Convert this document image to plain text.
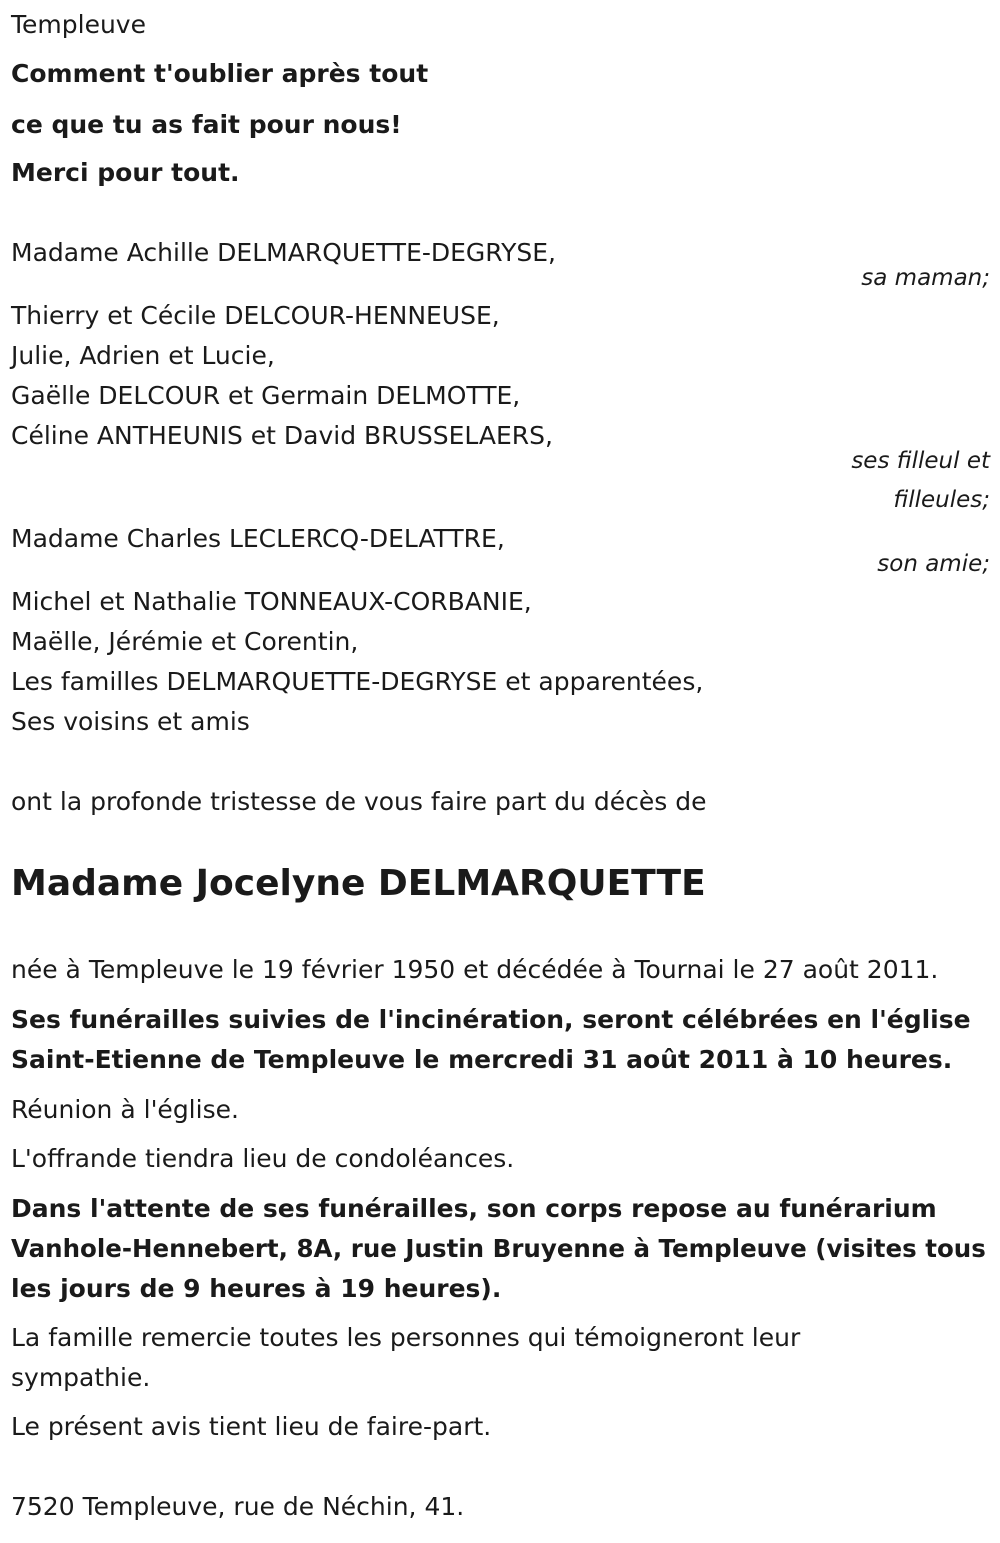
Templeuve
Comment t'oublier après tout
ce que tu as fait pour nous!
Merci pour tout.
Madame Achille DELMARQUETTE-DEGRYSE,
sa maman;
Thierry et Cécile DELCOUR-HENNEUSE,
Julie, Adrien et Lucie,
Gaëlle DELCOUR et Germain DELMOTTE,
Céline ANTHEUNIS et David BRUSSELAERS,
ses filleul et
filleules;
Madame Charles LECLERCQ-DELATTRE,
son amie;
Michel et Nathalie TONNEAUX-CORBANIE,
Maëlle, Jérémie et Corentin,
Les familles DELMARQUETTE-DEGRYSE et apparentées,
Ses voisins et amis
ont la profonde tristesse de vous faire part du décès de
Madame Jocelyne DELMARQUETTE
née à Templeuve le 19 février 1950 et décédée à Tournai le 27 août 2011.
Ses funérailles suivies de l'incinération, seront célébrées en l'église
Saint-Etienne de Templeuve le mercredi 31 août 2011 à 10 heures.
Réunion à l'église.
L'offrande tiendra lieu de condoléances.
Dans l'attente de ses funérailles, son corps repose au funérarium
Vanhole-Hennebert, 8A, rue Justin Bruyenne à Templeuve (visites tous
les jours de 9 heures à 19 heures).
La famille remercie toutes les personnes qui témoigneront leur
sympathie.
Le présent avis tient lieu de faire-part.
7520 Templeuve, rue de Néchin, 41.
